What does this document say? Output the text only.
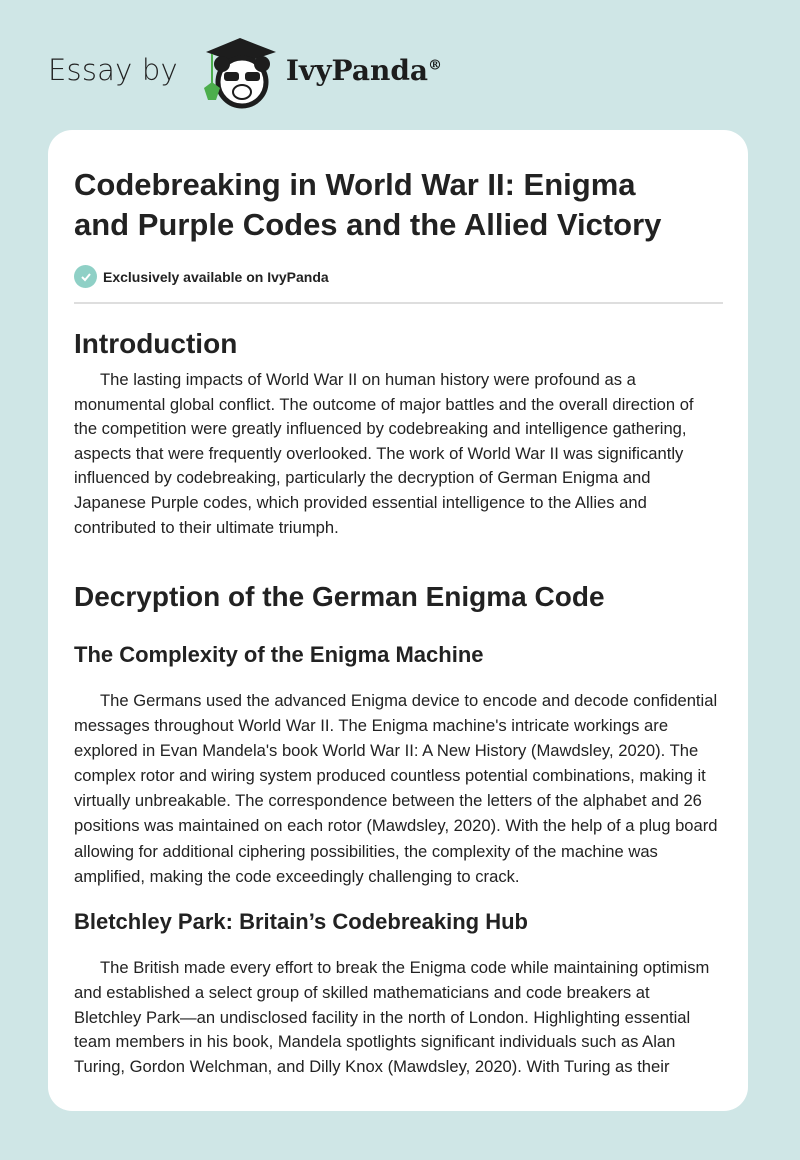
Essay by	IvyPanda®
Codebreaking in World War II: Enigma
and Purple Codes and the Allied Victory
Exclusively available on IvyPanda
Introduction
The lasting impacts of World War II on human history were profound as a
monumental global conflict. The outcome of major battles and the overall direction of
the competition were greatly influenced by codebreaking and intelligence gathering,
aspects that were frequently overlooked. The work of World War II was significantly
influenced by codebreaking, particularly the decryption of German Enigma and
Japanese Purple codes, which provided essential intelligence to the Allies and
contributed to their ultimate triumph.
Decryption of the German Enigma Code
The Complexity of the Enigma Machine
The Germans used the advanced Enigma device to encode and decode confidential
messages throughout World War II. The Enigma machine's intricate workings are
explored in Evan Mandela's book World War II: A New History (Mawdsley, 2020). The
complex rotor and wiring system produced countless potential combinations, making it
virtually unbreakable. The correspondence between the letters of the alphabet and 26
positions was maintained on each rotor (Mawdsley, 2020). With the help of a plug board
allowing for additional ciphering possibilities, the complexity of the machine was
amplified, making the code exceedingly challenging to crack.
Bletchley Park: Britain’s Codebreaking Hub
The British made every effort to break the Enigma code while maintaining optimism
and established a select group of skilled mathematicians and code breakers at
Bletchley Park—an undisclosed facility in the north of London. Highlighting essential
team members in his book, Mandela spotlights significant individuals such as Alan
Turing, Gordon Welchman, and Dilly Knox (Mawdsley, 2020). With Turing as their
